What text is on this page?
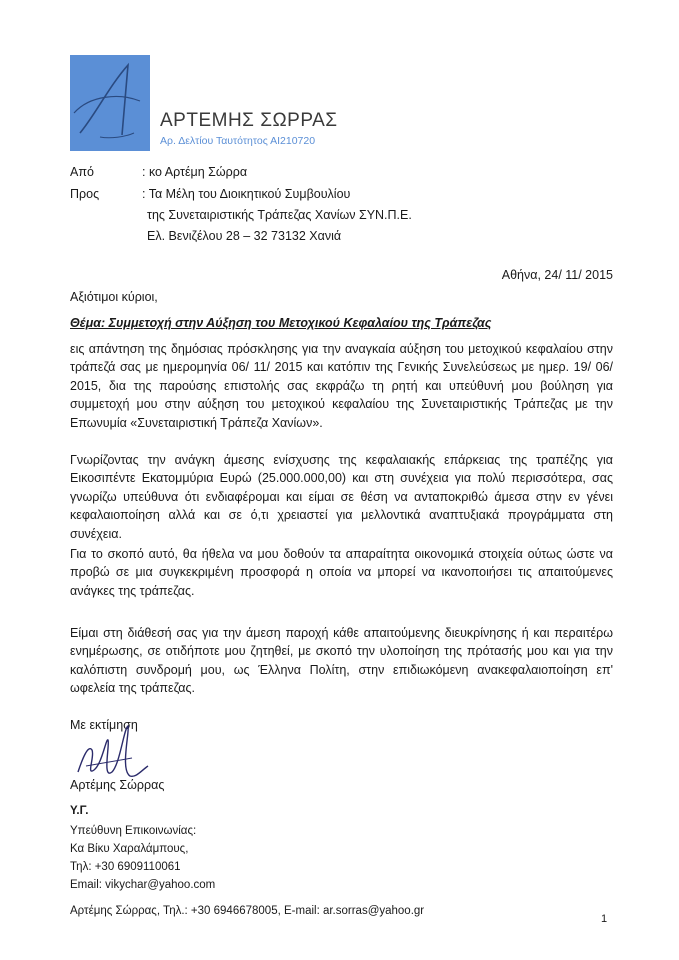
ΑΡΤΕΜΗΣ ΣΩΡΡΑΣ
Αρ. Δελτίου Ταυτότητος ΑΙ210720
Από	: κο Αρτέμη Σώρρα
Προς	: Τα Μέλη του Διοικητικού Συμβουλίου
της Συνεταιριστικής Τράπεζας Χανίων ΣΥΝ.Π.Ε.
Ελ. Βενιζέλου 28 – 32 73132 Χανιά
Αθήνα, 24/ 11/ 2015
Αξιότιμοι κύριοι,
Θέμα: Συμμετοχή στην Αύξηση του Μετοχικού Κεφαλαίου της Τράπεζας

εις απάντηση της δημόσιας πρόσκλησης για την αναγκαία αύξηση του μετοχικού κεφαλαίου στην τράπεζά σας με ημερομηνία 06/ 11/ 2015 και κατόπιν της Γενικής Συνελεύσεως με ημερ. 19/ 06/ 2015, δια της παρούσης επιστολής σας εκφράζω τη ρητή και υπεύθυνή μου βούληση για συμμετοχή μου στην αύξηση του μετοχικού κεφαλαίου της Συνεταιριστικής Τράπεζας με την Επωνυμία «Συνεταιριστική Τράπεζα Χανίων».

Γνωρίζοντας την ανάγκη άμεσης ενίσχυσης της κεφαλαιακής επάρκειας της τραπέζης για Εικοσιπέντε Εκατομμύρια Ευρώ (25.000.000,00) και στη συνέχεια για πολύ περισσότερα, σας γνωρίζω υπεύθυνα ότι ενδιαφέρομαι και είμαι σε θέση να ανταποκριθώ άμεσα στην εν γένει κεφαλαιοποίηση αλλά και σε ό,τι χρειαστεί για μελλοντικά αναπτυξιακά προγράμματα στη συνέχεια.

Για το σκοπό αυτό, θα ήθελα να μου δοθούν τα απαραίτητα οικονομικά στοιχεία ούτως ώστε να προβώ σε μια συγκεκριμένη προσφορά η οποία να μπορεί να ικανοποιήσει τις απαιτούμενες ανάγκες της τράπεζας.

Είμαι στη διάθεσή σας για την άμεση παροχή κάθε απαιτούμενης διευκρίνησης ή και περαιτέρω ενημέρωσης, σε οτιδήποτε μου ζητηθεί, με σκοπό την υλοποίηση της πρότασής μου και για την καλόπιστη συνδρομή μου, ως Έλληνα Πολίτη, στην επιδιωκόμενη ανακεφαλαιοποίηση επ' ωφελεία της τράπεζας.

Με εκτίμηση
Αρτέμης Σώρρας
Υ.Γ.
Υπεύθυνη Επικοινωνίας:
Κα Βίκυ Χαραλάμπους,
Τηλ: +30 6909110061
Email: vikychar@yahoo.com
Αρτέμης Σώρρας, Τηλ.: +30 6946678005, E-mail: ar.sorras@yahoo.gr
1
